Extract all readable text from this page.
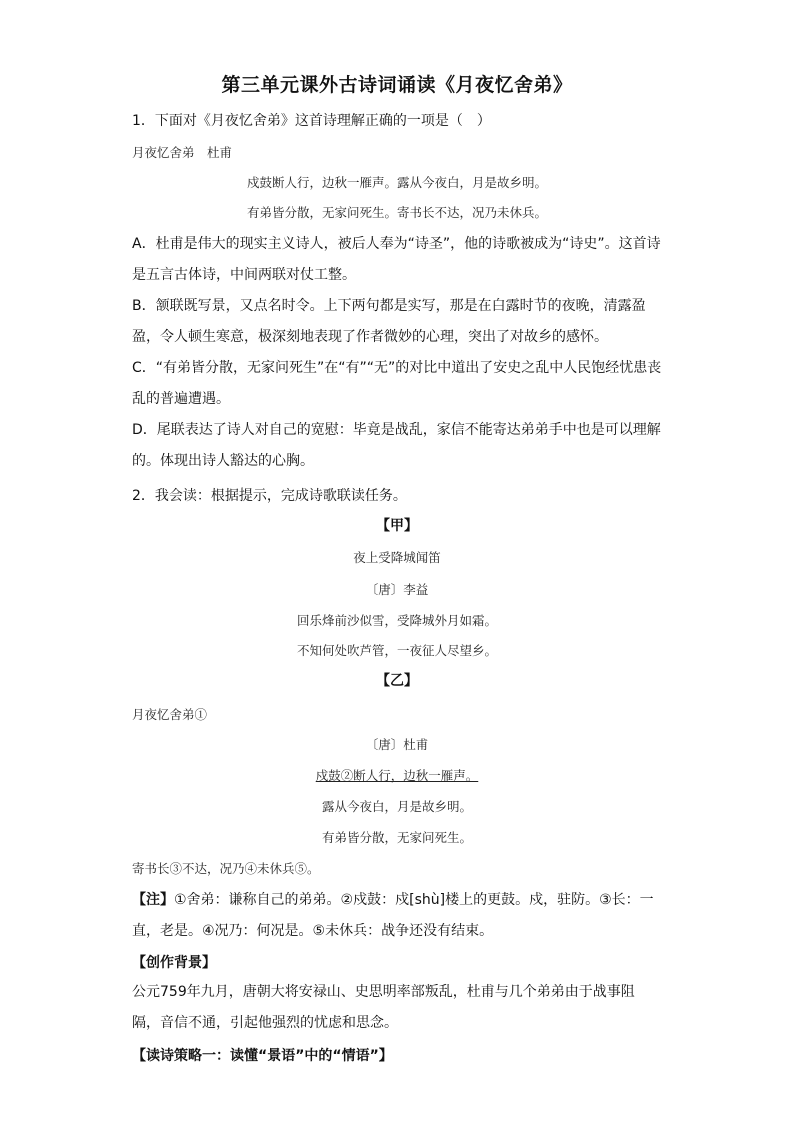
第三单元课外古诗词诵读《月夜忆舍弟》
1．下面对《月夜忆舍弟》这首诗理解正确的一项是（　）
月夜忆舍弟　杜甫
戍鼓断人行，边秋一雁声。露从今夜白，月是故乡明。
有弟皆分散，无家问死生。寄书长不达，况乃未休兵。
A．杜甫是伟大的现实主义诗人，被后人奉为“诗圣”，他的诗歌被成为“诗史”。这首诗是五言古体诗，中间两联对仗工整。
B．颔联既写景，又点名时令。上下两句都是实写，那是在白露时节的夜晚，清露盈盈，令人顿生寒意，极深刻地表现了作者微妙的心理，突出了对故乡的感怀。
C．“有弟皆分散，无家问死生”在“有”“无”的对比中道出了安史之乱中人民饱经忧患丧乱的普遍遭遇。
D．尾联表达了诗人对自己的宽慰：毕竟是战乱，家信不能寄达弟弟手中也是可以理解的。体现出诗人豁达的心胸。
2．我会读：根据提示，完成诗歌联读任务。
【甲】
夜上受降城闻笛
〔唐〕李益
回乐烽前沙似雪，受降城外月如霜。
不知何处吹芦管，一夜征人尽望乡。
【乙】
月夜忆舍弟①
〔唐〕杜甫
戍鼓②断人行，边秋一雁声。
露从今夜白，月是故乡明。
有弟皆分散，无家问死生。
寄书长③不达，况乃④未休兵⑤。
【注】①舍弟：谦称自己的弟弟。②戍鼓：戍[shù]楼上的更鼓。戍，驻防。③长：一直，老是。④况乃：何况是。⑤未休兵：战争还没有结束。
【创作背景】
公元759年九月，唐朝大将安禄山、史思明率部叛乱，杜甫与几个弟弟由于战事阻隔，音信不通，引起他强烈的忧虑和思念。
【读诗策略一：读懂“景语”中的“情语”】
